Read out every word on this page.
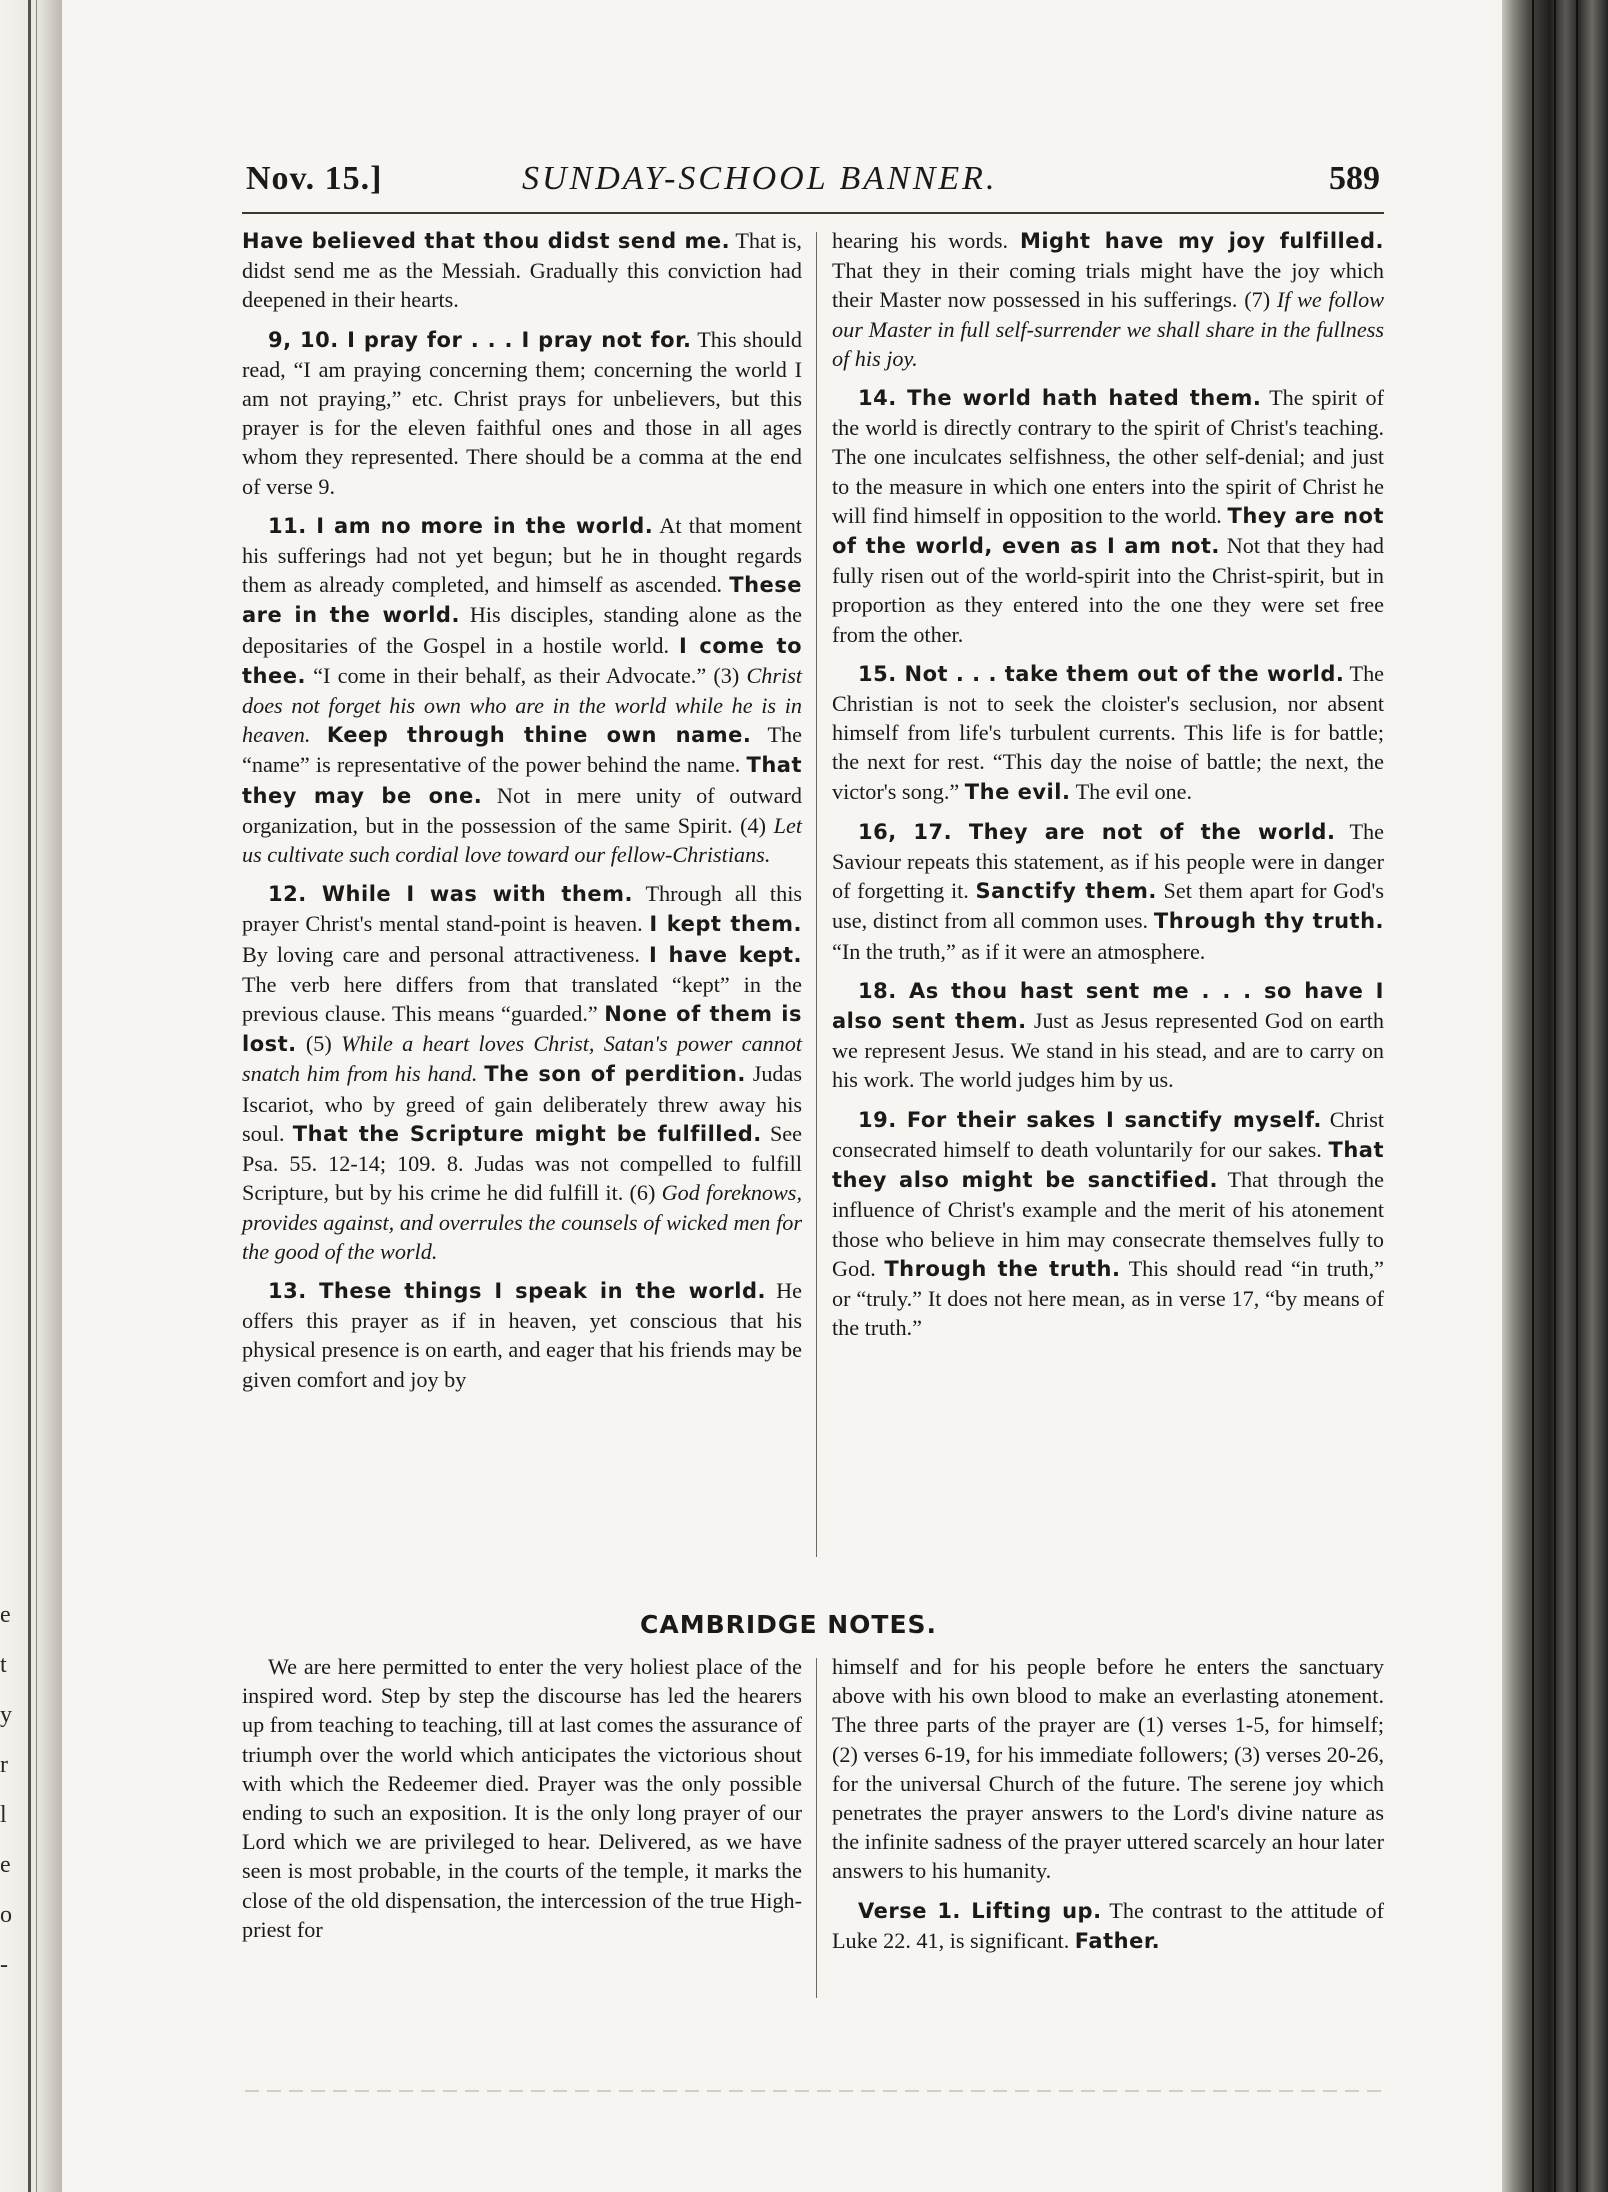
e
t
y
r
l
e
o
-
Nov. 15.]	SUNDAY-SCHOOL BANNER.	589

Have believed that thou didst send me. That is, didst send me as the Messiah. Gradually this conviction had deepened in their hearts.

9, 10. I pray for . . . I pray not for. This should read, “I am praying concerning them; concerning the world I am not praying,” etc. Christ prays for unbelievers, but this prayer is for the eleven faithful ones and those in all ages whom they represented. There should be a comma at the end of verse 9.

11. I am no more in the world. At that moment his sufferings had not yet begun; but he in thought regards them as already completed, and himself as ascended. These are in the world. His disciples, standing alone as the depositaries of the Gospel in a hostile world. I come to thee. “I come in their behalf, as their Advocate.” (3) Christ does not forget his own who are in the world while he is in heaven. Keep through thine own name. The “name” is representative of the power behind the name. That they may be one. Not in mere unity of outward organization, but in the possession of the same Spirit. (4) Let us cultivate such cordial love toward our fellow-Christians.

12. While I was with them. Through all this prayer Christ's mental stand-point is heaven. I kept them. By loving care and personal attractiveness. I have kept. The verb here differs from that translated “kept” in the previous clause. This means “guarded.” None of them is lost. (5) While a heart loves Christ, Satan's power cannot snatch him from his hand. The son of perdition. Judas Iscariot, who by greed of gain deliberately threw away his soul. That the Scripture might be fulfilled. See Psa. 55. 12-14; 109. 8. Judas was not compelled to fulfill Scripture, but by his crime he did fulfill it. (6) God foreknows, provides against, and overrules the counsels of wicked men for the good of the world.

13. These things I speak in the world. He offers this prayer as if in heaven, yet conscious that his physical presence is on earth, and eager that his friends may be given comfort and joy by

hearing his words. Might have my joy fulfilled. That they in their coming trials might have the joy which their Master now possessed in his sufferings. (7) If we follow our Master in full self-surrender we shall share in the fullness of his joy.

14. The world hath hated them. The spirit of the world is directly contrary to the spirit of Christ's teaching. The one inculcates selfishness, the other self-denial; and just to the measure in which one enters into the spirit of Christ he will find himself in opposition to the world. They are not of the world, even as I am not. Not that they had fully risen out of the world-spirit into the Christ-spirit, but in proportion as they entered into the one they were set free from the other.

15. Not . . . take them out of the world. The Christian is not to seek the cloister's seclusion, nor absent himself from life's turbulent currents. This life is for battle; the next for rest. “This day the noise of battle; the next, the victor's song.” The evil. The evil one.

16, 17. They are not of the world. The Saviour repeats this statement, as if his people were in danger of forgetting it. Sanctify them. Set them apart for God's use, distinct from all common uses. Through thy truth. “In the truth,” as if it were an atmosphere.

18. As thou hast sent me . . . so have I also sent them. Just as Jesus represented God on earth we represent Jesus. We stand in his stead, and are to carry on his work. The world judges him by us.

19. For their sakes I sanctify myself. Christ consecrated himself to death voluntarily for our sakes. That they also might be sanctified. That through the influence of Christ's example and the merit of his atonement those who believe in him may consecrate themselves fully to God. Through the truth. This should read “in truth,” or “truly.” It does not here mean, as in verse 17, “by means of the truth.”

CAMBRIDGE NOTES.

We are here permitted to enter the very holiest place of the inspired word. Step by step the discourse has led the hearers up from teaching to teaching, till at last comes the assurance of triumph over the world which anticipates the victorious shout with which the Redeemer died. Prayer was the only possible ending to such an exposition. It is the only long prayer of our Lord which we are privileged to hear. Delivered, as we have seen is most probable, in the courts of the temple, it marks the close of the old dispensation, the intercession of the true High-priest for

himself and for his people before he enters the sanctuary above with his own blood to make an everlasting atonement. The three parts of the prayer are (1) verses 1-5, for himself; (2) verses 6-19, for his immediate followers; (3) verses 20-26, for the universal Church of the future. The serene joy which penetrates the prayer answers to the Lord's divine nature as the infinite sadness of the prayer uttered scarcely an hour later answers to his humanity.

Verse 1. Lifting up. The contrast to the attitude of Luke 22. 41, is significant. Father.
